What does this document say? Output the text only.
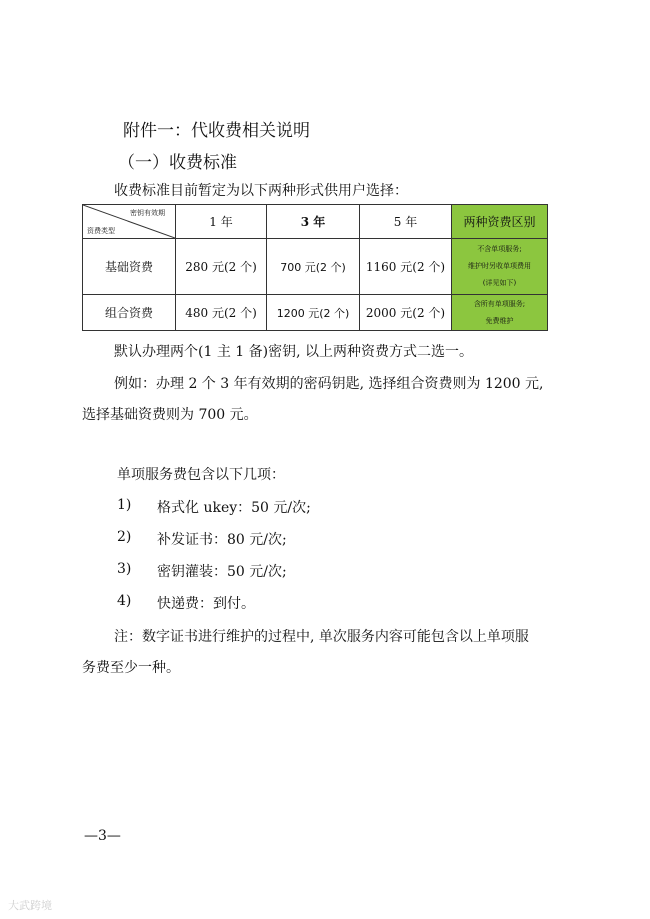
附件一：代收费相关说明
（一）收费标准
收费标准目前暂定为以下两种形式供用户选择：
密钥有效期
资费类型	1 年	3 年	5 年	两种资费区别
基础资费	280 元(2 个)	700 元(2 个)	1160 元(2 个)	不含单项服务;
维护时另收单项费用
(详见如下)

组合资费	480 元(2 个)	1200 元(2 个)	2000 元(2 个)	含所有单项服务;
免费维护
默认办理两个(1 主 1 备)密钥, 以上两种资费方式二选一。
例如：办理 2 个 3 年有效期的密码钥匙, 选择组合资费则为 1200 元,
选择基础资费则为 700 元。
单项服务费包含以下几项：
1) 格式化 ukey：50 元/次;
2) 补发证书：80 元/次;
3) 密钥灌装：50 元/次;
4) 快递费：到付。
注：数字证书进行维护的过程中, 单次服务内容可能包含以上单项服
务费至少一种。
—3—
大武跨境
